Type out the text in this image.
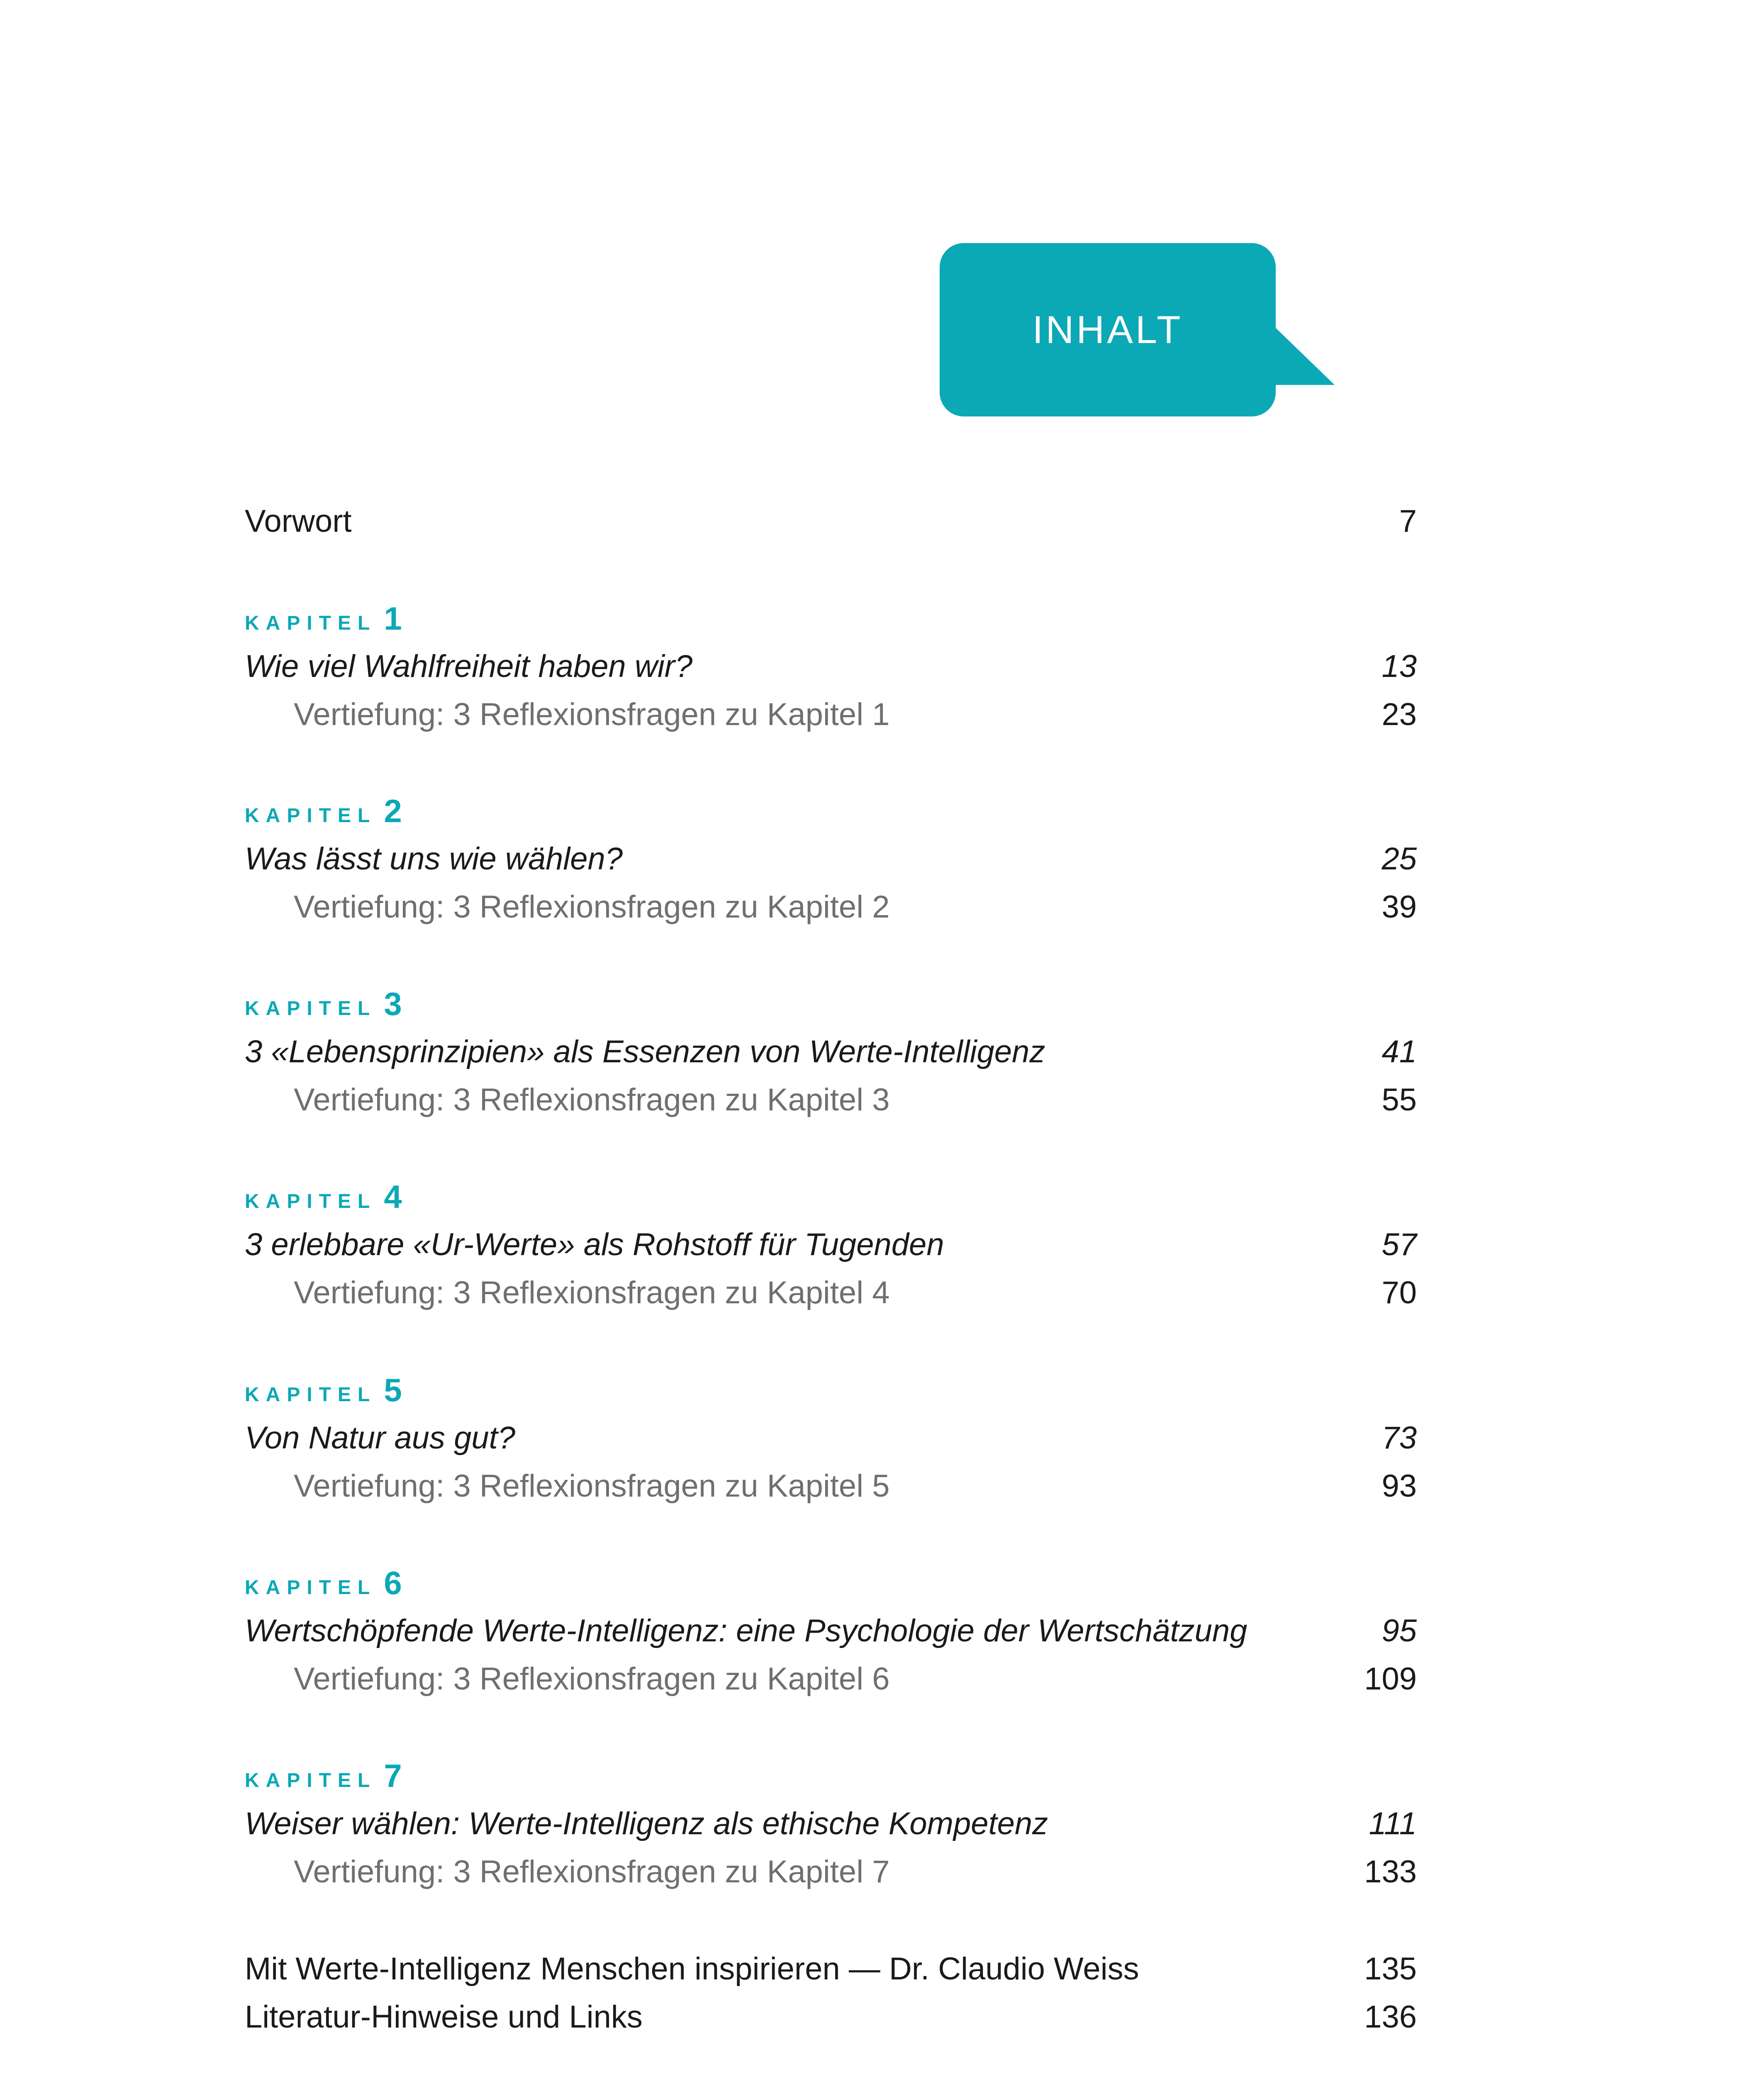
INHALT
Vorwort	7
KAPITEL 1
Wie viel Wahlfreiheit haben wir?	13
Vertiefung: 3 Reflexionsfragen zu Kapitel 1	23
KAPITEL 2
Was lässt uns wie wählen?	25
Vertiefung: 3 Reflexionsfragen zu Kapitel 2	39
KAPITEL 3
3 «Lebensprinzipien» als Essenzen von Werte-Intelligenz	41
Vertiefung: 3 Reflexionsfragen zu Kapitel 3	55
KAPITEL 4
3 erlebbare «Ur-Werte» als Rohstoff für Tugenden	57
Vertiefung: 3 Reflexionsfragen zu Kapitel 4	70
KAPITEL 5
Von Natur aus gut?	73
Vertiefung: 3 Reflexionsfragen zu Kapitel 5	93
KAPITEL 6
Wertschöpfende Werte-Intelligenz: eine Psychologie der Wertschätzung	95
Vertiefung: 3 Reflexionsfragen zu Kapitel 6	109
KAPITEL 7
Weiser wählen: Werte-Intelligenz als ethische Kompetenz	111
Vertiefung: 3 Reflexionsfragen zu Kapitel 7	133
Mit Werte-Intelligenz Menschen inspirieren — Dr. Claudio Weiss	135
Literatur-Hinweise und Links	136
